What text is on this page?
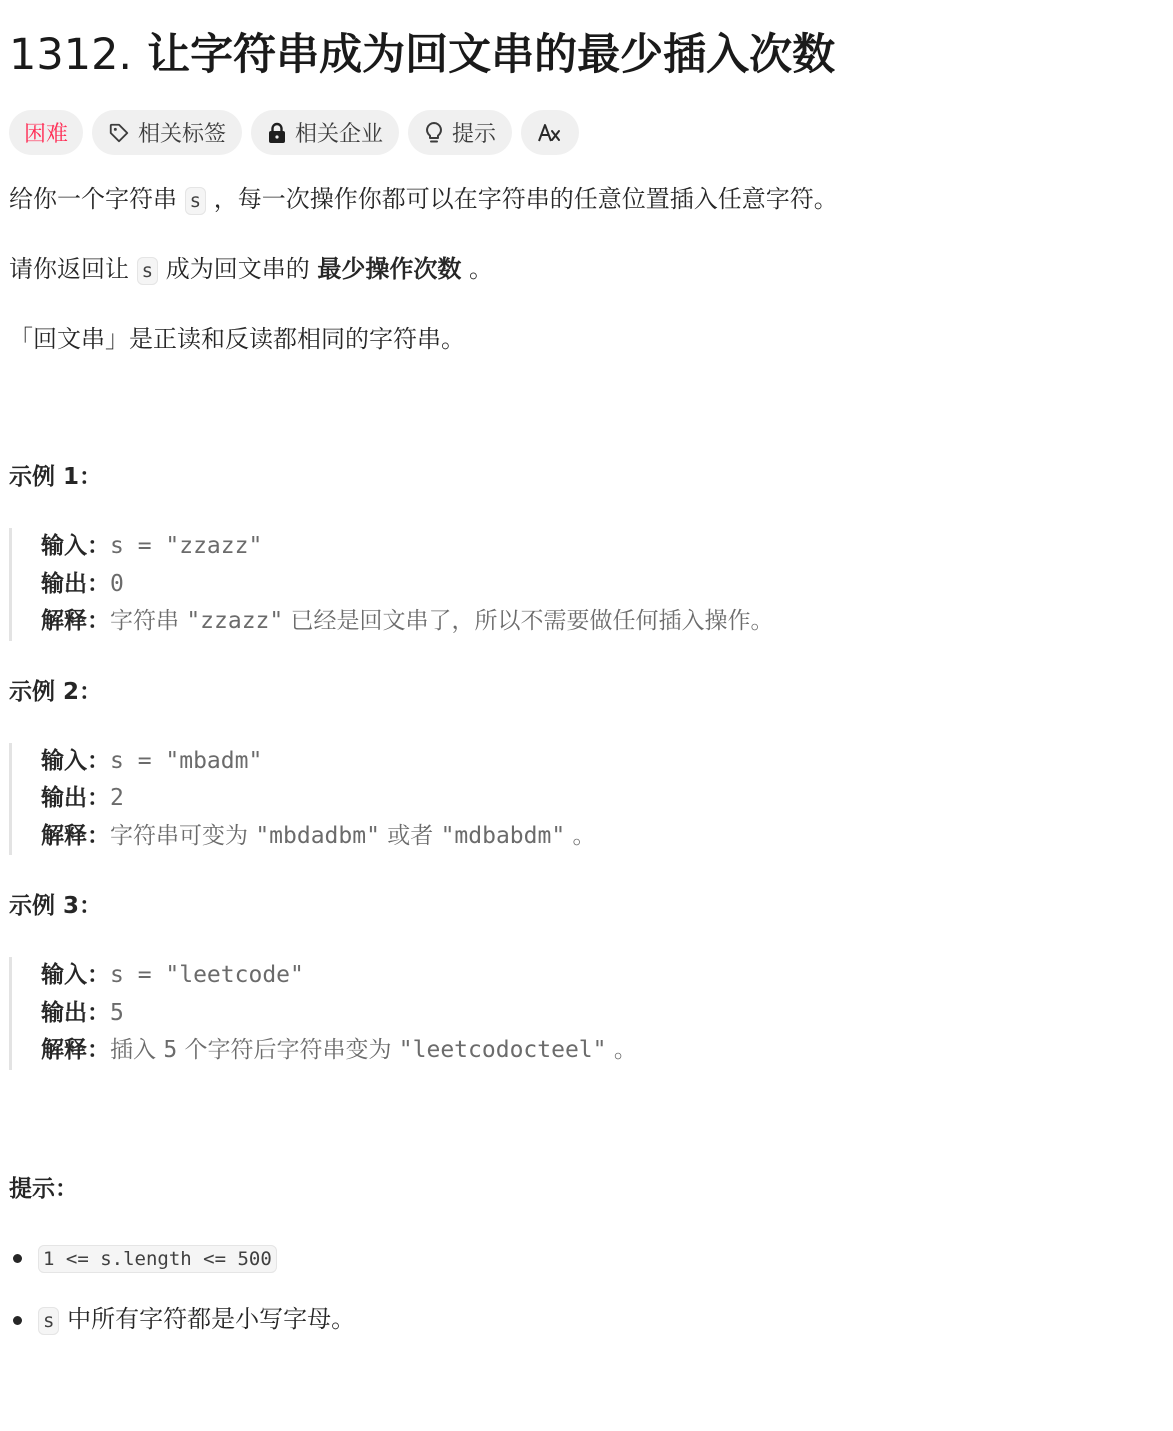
1312. 让字符串成为回文串的最少插入次数
困难	相关标签	相关企业	提示

给你一个字符串 s ，每一次操作你都可以在字符串的任意位置插入任意字符。

请你返回让 s 成为回文串的 最少操作次数 。

「回文串」是正读和反读都相同的字符串。

示例 1：

输入：s = "zzazz"
输出：0
解释：字符串 "zzazz" 已经是回文串了，所以不需要做任何插入操作。

示例 2：

输入：s = "mbadm"
输出：2
解释：字符串可变为 "mbdadbm" 或者 "mdbabdm" 。

示例 3：

输入：s = "leetcode"
输出：5
解释：插入 5 个字符后字符串变为 "leetcodocteel" 。

提示：

1 <= s.length <= 500
s 中所有字符都是小写字母。
